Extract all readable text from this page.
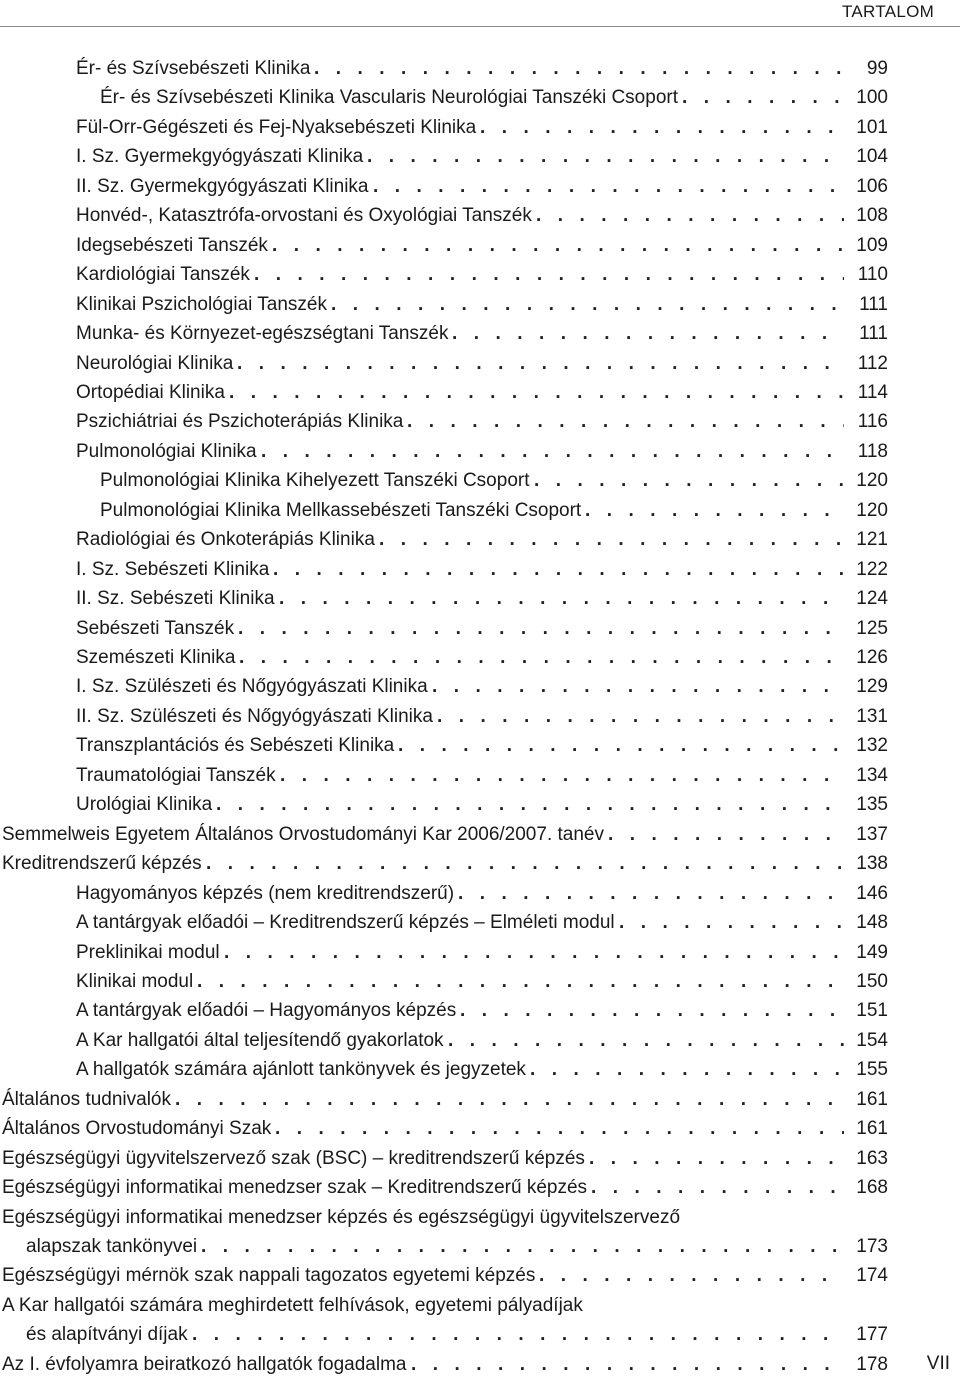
TARTALOM
Ér- és Szívsebészeti Klinika	99
. . .
Ér- és Szívsebészeti Klinika Vascularis Neurológiai Tanszéki Csoport	100
. . .
Fül-Orr-Gégészeti és Fej-Nyaksebészeti Klinika	101
. . .
I. Sz. Gyermekgyógyászati Klinika	104
. . .
II. Sz. Gyermekgyógyászati Klinika	106
. . .
Honvéd-, Katasztrófa-orvostani és Oxyológiai Tanszék	108
. . .
Idegsebészeti Tanszék	109
. . .
Kardiológiai Tanszék	110
. . .
Klinikai Pszichológiai Tanszék	111
. . .
Munka- és Környezet-egészségtani Tanszék	111
. . .
Neurológiai Klinika	112
. . .
Ortopédiai Klinika	114
. . .
Pszichiátriai és Pszichoterápiás Klinika	116
. . .
Pulmonológiai Klinika	118
. . .
Pulmonológiai Klinika Kihelyezett Tanszéki Csoport	120
. . .
Pulmonológiai Klinika Mellkassebészeti Tanszéki Csoport	120
. . .
Radiológiai és Onkoterápiás Klinika	121
. . .
I. Sz. Sebészeti Klinika	122
. . .
II. Sz. Sebészeti Klinika	124
. . .
Sebészeti Tanszék	125
. . .
Szemészeti Klinika	126
. . .
I. Sz. Szülészeti és Nőgyógyászati Klinika	129
. . .
II. Sz. Szülészeti és Nőgyógyászati Klinika	131
. . .
Transzplantációs és Sebészeti Klinika	132
. . .
Traumatológiai Tanszék	134
. . .
Urológiai Klinika	135
. . .
Semmelweis Egyetem Általános Orvostudományi Kar 2006/2007. tanév	137
. . .
Kreditrendszerű képzés	138
. . .
Hagyományos képzés (nem kreditrendszerű)	146
. . .
A tantárgyak előadói – Kreditrendszerű képzés – Elméleti modul	148
. . .
Preklinikai modul	149
. . .
Klinikai modul	150
. . .
A tantárgyak előadói – Hagyományos képzés	151
. . .
A Kar hallgatói által teljesítendő gyakorlatok	154
. . .
A hallgatók számára ajánlott tankönyvek és jegyzetek	155
. . .
Általános tudnivalók	161
. . .
Általános Orvostudományi Szak	161
. . .
Egészségügyi ügyvitelszervező szak (BSC) – kreditrendszerű képzés	163
. . .
Egészségügyi informatikai menedzser szak – Kreditrendszerű képzés	168
. . .
Egészségügyi informatikai menedzser képzés és egészségügyi ügyvitelszervező
alapszak tankönyvei	173
. . .
Egészségügyi mérnök szak nappali tagozatos egyetemi képzés	174
. . .
A Kar hallgatói számára meghirdetett felhívások, egyetemi pályadíjak
és alapítványi díjak	177
. . .
Az I. évfolyamra beiratkozó hallgatók fogadalma	178
. . .	VII
